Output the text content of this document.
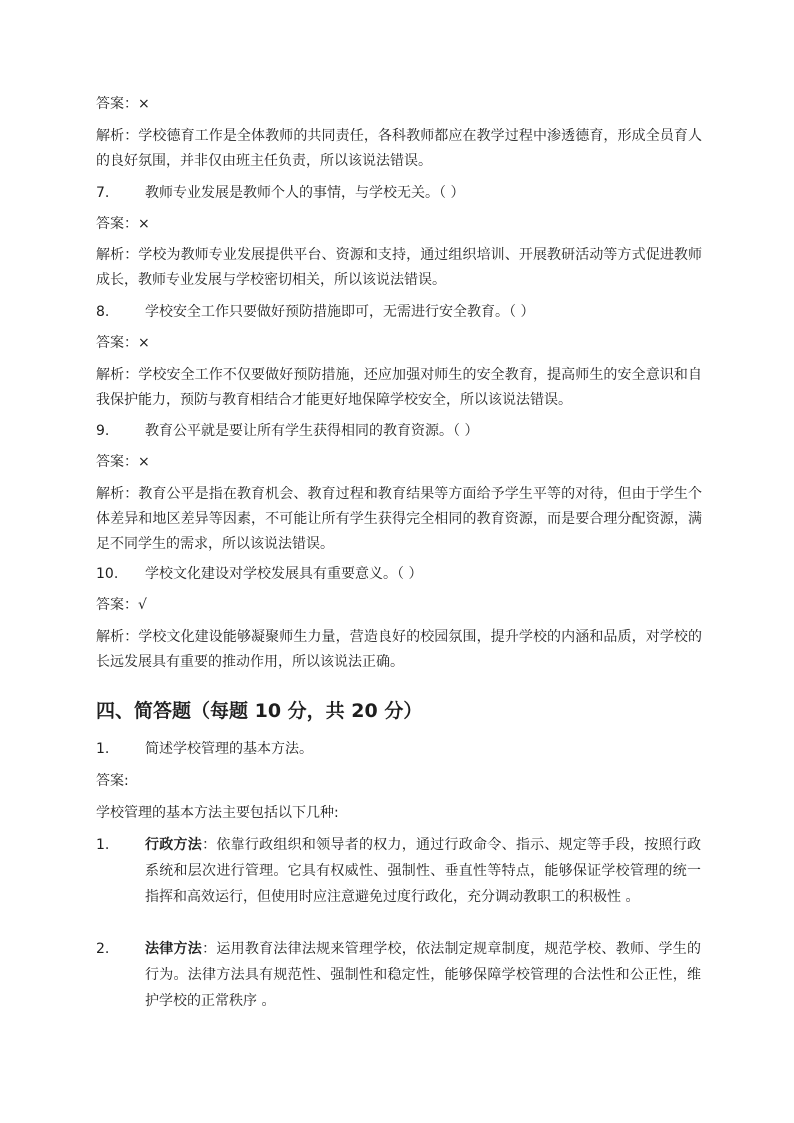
答案：×
解析：学校德育工作是全体教师的共同责任，各科教师都应在教学过程中渗透德育，形成全员育人的良好氛围，并非仅由班主任负责，所以该说法错误。
7.	教师专业发展是教师个人的事情，与学校无关。（ ）
答案：×
解析：学校为教师专业发展提供平台、资源和支持，通过组织培训、开展教研活动等方式促进教师成长，教师专业发展与学校密切相关，所以该说法错误。
8.	学校安全工作只要做好预防措施即可，无需进行安全教育。（ ）
答案：×
解析：学校安全工作不仅要做好预防措施，还应加强对师生的安全教育，提高师生的安全意识和自我保护能力，预防与教育相结合才能更好地保障学校安全，所以该说法错误。
9.	教育公平就是要让所有学生获得相同的教育资源。（ ）
答案：×
解析：教育公平是指在教育机会、教育过程和教育结果等方面给予学生平等的对待，但由于学生个体差异和地区差异等因素，不可能让所有学生获得完全相同的教育资源，而是要合理分配资源，满足不同学生的需求，所以该说法错误。
10. 学校文化建设对学校发展具有重要意义。（ ）
答案：√
解析：学校文化建设能够凝聚师生力量，营造良好的校园氛围，提升学校的内涵和品质，对学校的长远发展具有重要的推动作用，所以该说法正确。
四、简答题（每题 10 分，共 20 分）
1.	简述学校管理的基本方法。
答案:
学校管理的基本方法主要包括以下几种:
1.	行政方法：依靠行政组织和领导者的权力，通过行政命令、指示、规定等手段，按照行政系统和层次进行管理。它具有权威性、强制性、垂直性等特点，能够保证学校管理的统一指挥和高效运行，但使用时应注意避免过度行政化，充分调动教职工的积极性 。
2.	法律方法：运用教育法律法规来管理学校，依法制定规章制度，规范学校、教师、学生的行为。法律方法具有规范性、强制性和稳定性，能够保障学校管理的合法性和公正性，维护学校的正常秩序 。
